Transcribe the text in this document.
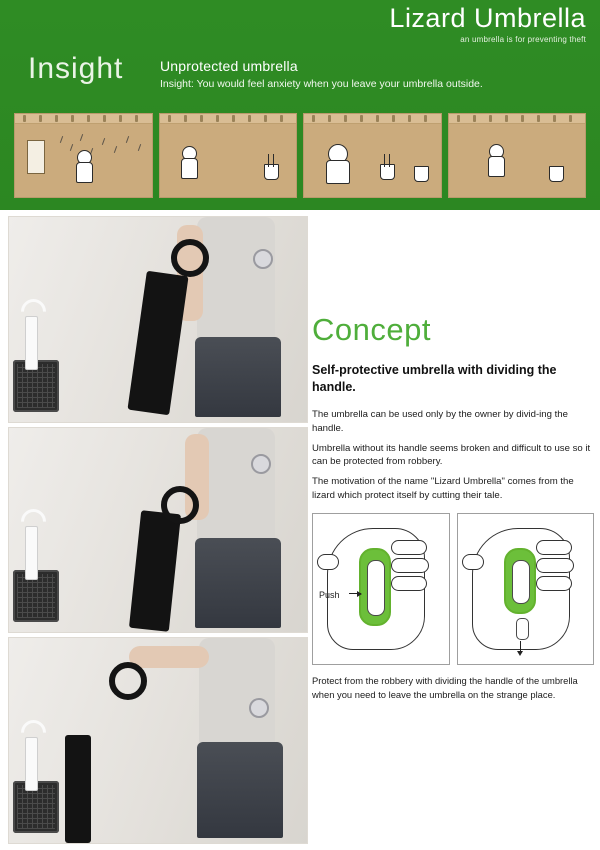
Lizard Umbrella
an umbrella is for preventing theft
Insight	Unprotected umbrella
Insight: You would feel anxiety when you leave your umbrella outside.
Concept
Self-protective umbrella with dividing the handle.

The umbrella can be used only by the owner by divid-ing the handle.

Umbrella without its handle seems broken and difficult to use so it can be protected from robbery.

The motivation of the name "Lizard Umbrella" comes from the lizard which protect itself by cutting their tale.

Push
Protect from the robbery with dividing the handle of the umbrella when you need to leave the umbrella on the strange place.
